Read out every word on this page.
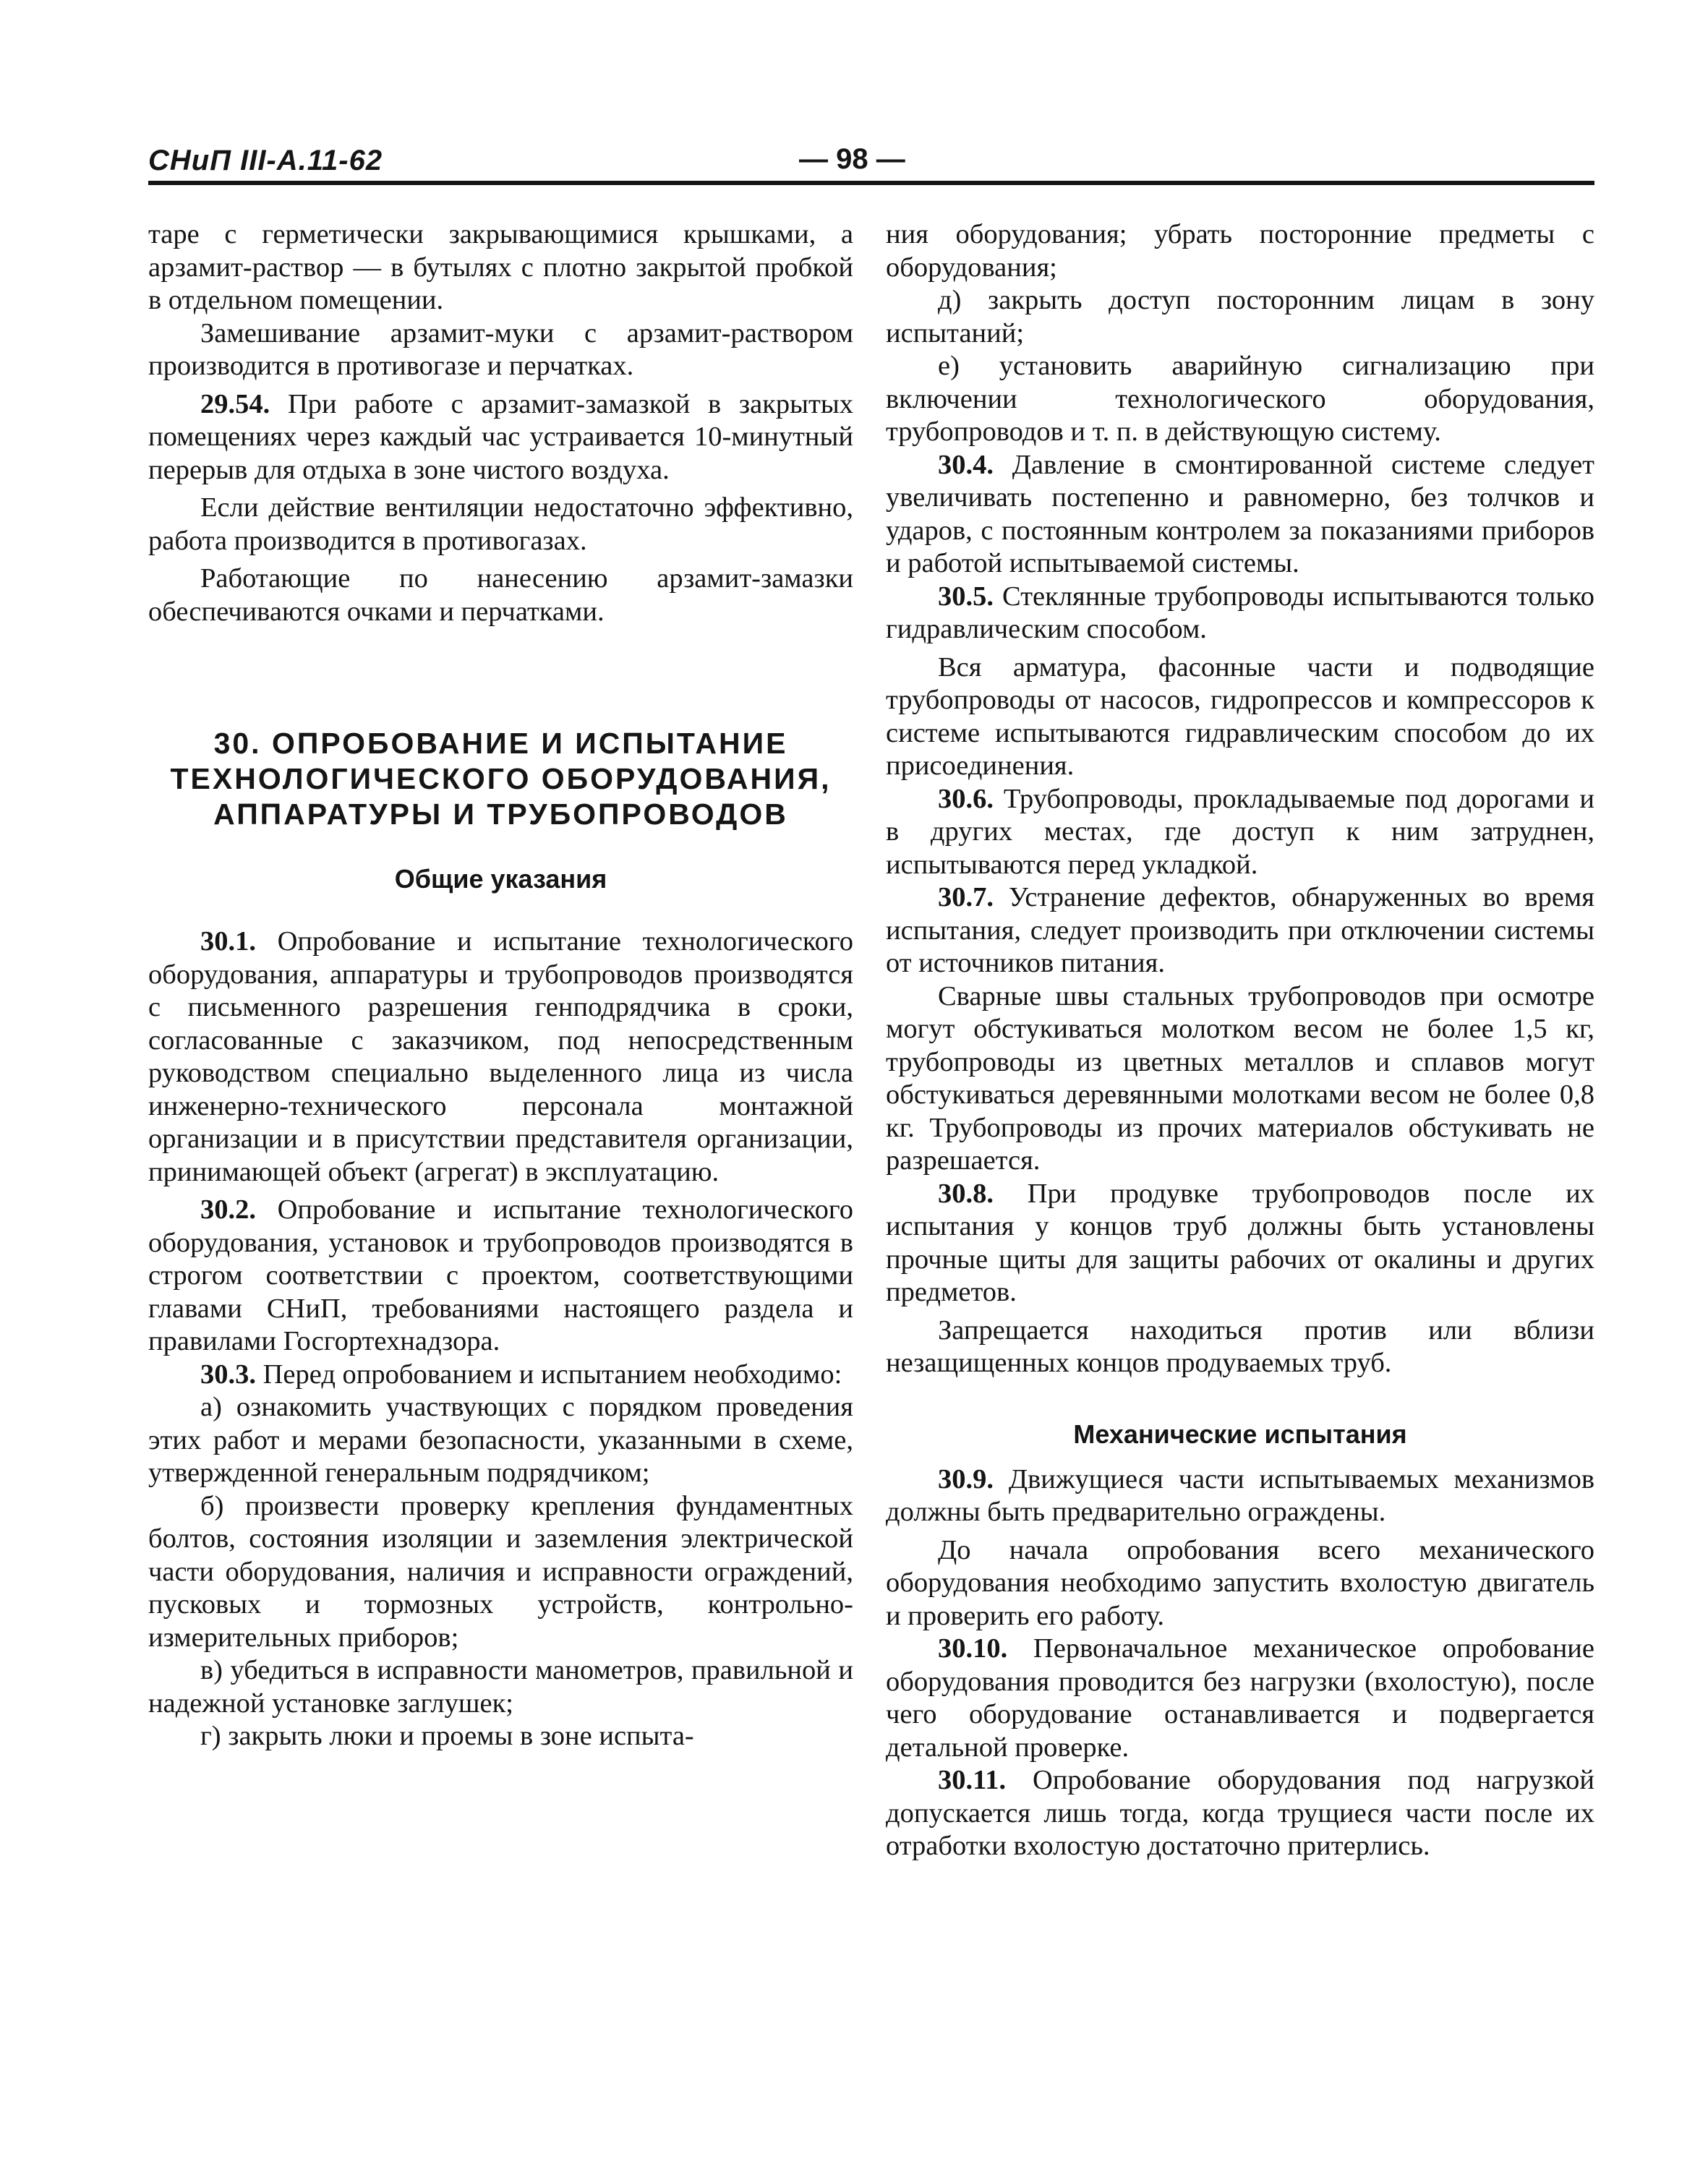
СНиП III-А.11-62	— 98 —

таре с герметически закрывающимися крышками, а арзамит-раствор — в бутылях с плотно закрытой пробкой в отдельном помещении.

Замешивание арзамит-муки с арзамит-раствором производится в противогазе и перчатках.

29.54. При работе с арзамит-замазкой в закрытых помещениях через каждый час устраивается 10-минутный перерыв для отдыха в зоне чистого воздуха.

Если действие вентиляции недостаточно эффективно, работа производится в противогазах.

Работающие по нанесению арзамит-замазки обеспечиваются очками и перчатками.

30. ОПРОБОВАНИЕ И ИСПЫТАНИЕ
ТЕХНОЛОГИЧЕСКОГО ОБОРУДОВАНИЯ,
АППАРАТУРЫ И ТРУБОПРОВОДОВ
Общие указания

30.1. Опробование и испытание технологического оборудования, аппаратуры и трубопроводов производятся с письменного разрешения генподрядчика в сроки, согласованные с заказчиком, под непосредственным руководством специально выделенного лица из числа инженерно-технического персонала монтажной организации и в присутствии представителя организации, принимающей объект (агрегат) в эксплуатацию.

30.2. Опробование и испытание технологического оборудования, установок и трубопроводов производятся в строгом соответствии с проектом, соответствующими главами СНиП, требованиями настоящего раздела и правилами Госгортехнадзора.

30.3. Перед опробованием и испытанием необходимо:

а) ознакомить участвующих с порядком проведения этих работ и мерами безопасности, указанными в схеме, утвержденной генеральным подрядчиком;

б) произвести проверку крепления фундаментных болтов, состояния изоляции и заземления электрической части оборудования, наличия и исправности ограждений, пусковых и тормозных устройств, контрольно-измерительных приборов;

в) убедиться в исправности манометров, правильной и надежной установке заглушек;

г) закрыть люки и проемы в зоне испыта-

ния оборудования; убрать посторонние предметы с оборудования;

д) закрыть доступ посторонним лицам в зону испытаний;

е) установить аварийную сигнализацию при включении технологического оборудования, трубопроводов и т. п. в действующую систему.

30.4. Давление в смонтированной системе следует увеличивать постепенно и равномерно, без толчков и ударов, с постоянным контролем за показаниями приборов и работой испытываемой системы.

30.5. Стеклянные трубопроводы испытываются только гидравлическим способом.

Вся арматура, фасонные части и подводящие трубопроводы от насосов, гидропрессов и компрессоров к системе испытываются гидравлическим способом до их присоединения.

30.6. Трубопроводы, прокладываемые под дорогами и в других местах, где доступ к ним затруднен, испытываются перед укладкой.

30.7. Устранение дефектов, обнаруженных во время испытания, следует производить при отключении системы от источников питания.

Сварные швы стальных трубопроводов при осмотре могут обстукиваться молотком весом не более 1,5 кг, трубопроводы из цветных металлов и сплавов могут обстукиваться деревянными молотками весом не более 0,8 кг. Трубопроводы из прочих материалов обстукивать не разрешается.

30.8. При продувке трубопроводов после их испытания у концов труб должны быть установлены прочные щиты для защиты рабочих от окалины и других предметов.

Запрещается находиться против или вблизи незащищенных концов продуваемых труб.

Механические испытания

30.9. Движущиеся части испытываемых механизмов должны быть предварительно ограждены.

До начала опробования всего механического оборудования необходимо запустить вхолостую двигатель и проверить его работу.

30.10. Первоначальное механическое опробование оборудования проводится без нагрузки (вхолостую), после чего оборудование останавливается и подвергается детальной проверке.

30.11. Опробование оборудования под нагрузкой допускается лишь тогда, когда трущиеся части после их отработки вхолостую достаточно притерлись.
